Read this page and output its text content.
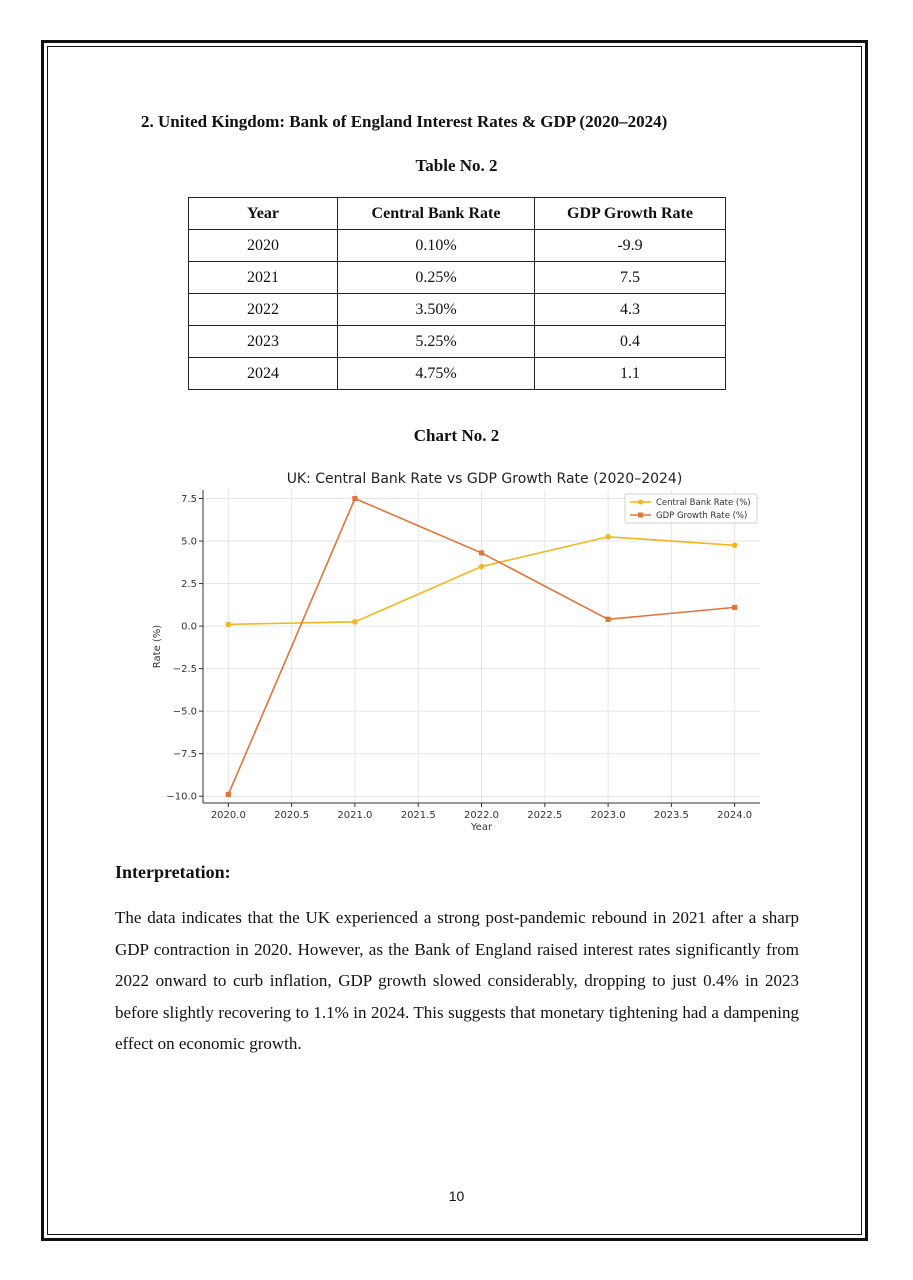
2. United Kingdom: Bank of England Interest Rates & GDP (2020–2024)
Table No. 2
Year	Central Bank Rate	GDP Growth Rate
2020	0.10%	-9.9
2021	0.25%	7.5
2022	3.50%	4.3
2023	5.25%	0.4
2024	4.75%	1.1
Chart No. 2
2020.0	2020.5	2021.0	2021.5	2022.0	2022.5	2023.0	2023.5	2024.0
−10.0
−7.5
−5.0
−2.5
0.0
2.5
5.0
7.5
UK: Central Bank Rate vs GDP Growth Rate (2020–2024)
Year
Rate (%)
Central Bank Rate (%)
GDP Growth Rate (%)
Interpretation:
The data indicates that the UK experienced a strong post-pandemic rebound in 2021 after a sharp GDP contraction in 2020. However, as the Bank of England raised interest rates significantly from 2022 onward to curb inflation, GDP growth slowed considerably, dropping to just 0.4% in 2023 before slightly recovering to 1.1% in 2024. This suggests that monetary tightening had a dampening effect on economic growth.
10
